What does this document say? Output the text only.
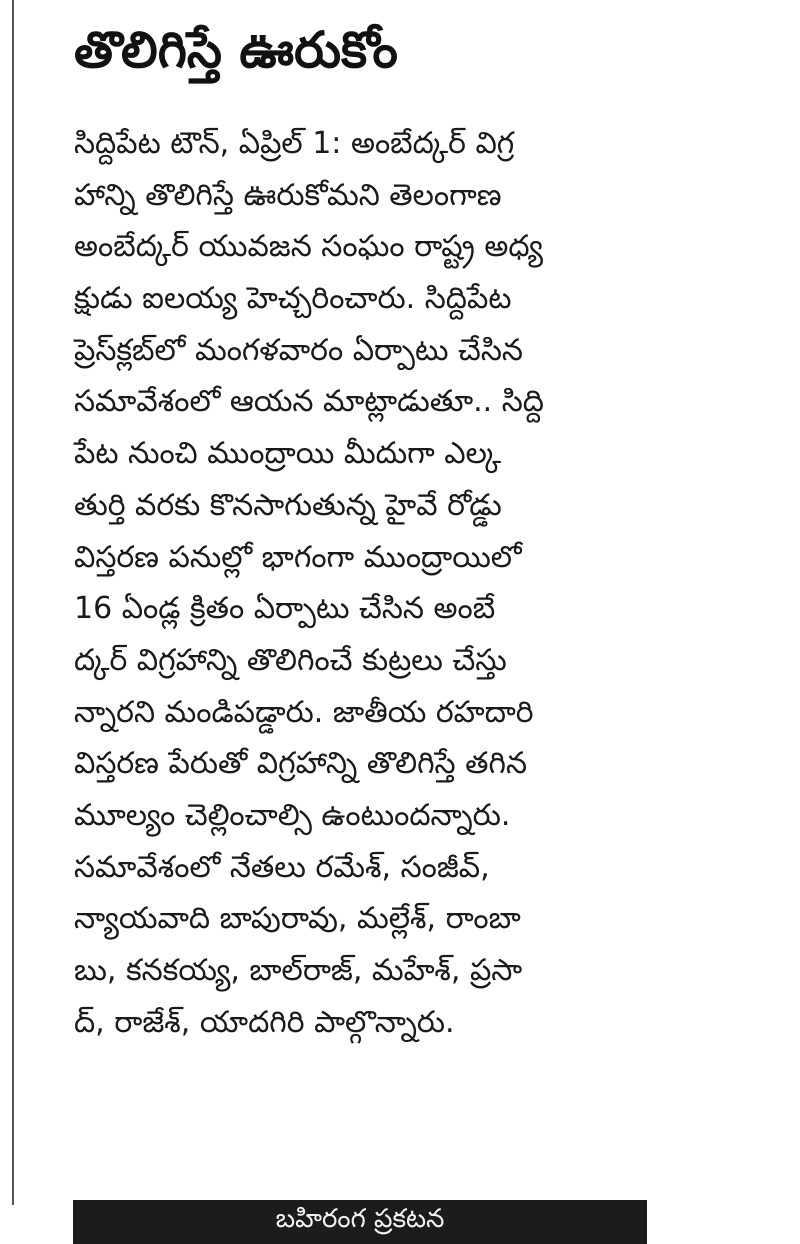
తొలిగిస్తే ఊరుకోం
సిద్దిపేట టౌన్, ఏప్రిల్ 1: అంబేద్కర్ విగ్ర
హాన్ని తొలిగిస్తే ఊరుకోమని తెలంగాణ
అంబేద్కర్ యువజన సంఘం రాష్ట్ర అధ్య
క్షుడు ఐలయ్య హెచ్చరించారు. సిద్దిపేట
ప్రెస్‌క్లబ్‌లో మంగళవారం ఏర్పాటు చేసిన
సమావేశంలో ఆయన మాట్లాడుతూ.. సిద్ది
పేట నుంచి ముంద్రాయి మీదుగా ఎల్క
తుర్తి వరకు కొనసాగుతున్న హైవే రోడ్డు
విస్తరణ పనుల్లో భాగంగా ముంద్రాయిలో
16 ఏండ్ల క్రితం ఏర్పాటు చేసిన అంబే
ద్కర్ విగ్రహాన్ని తొలిగించే కుట్రలు చేస్తు
న్నారని మండిపడ్డారు. జాతీయ రహదారి
విస్తరణ పేరుతో విగ్రహాన్ని తొలిగిస్తే తగిన
మూల్యం చెల్లించాల్సి ఉంటుందన్నారు.
సమావేశంలో నేతలు రమేశ్, సంజీవ్,
న్యాయవాది బాపురావు, మల్లేశ్, రాంబా
బు, కనకయ్య, బాల్‌రాజ్, మహేశ్, ప్రసా
ద్, రాజేశ్, యాదగిరి పాల్గొన్నారు.
బహిరంగ ప్రకటన
